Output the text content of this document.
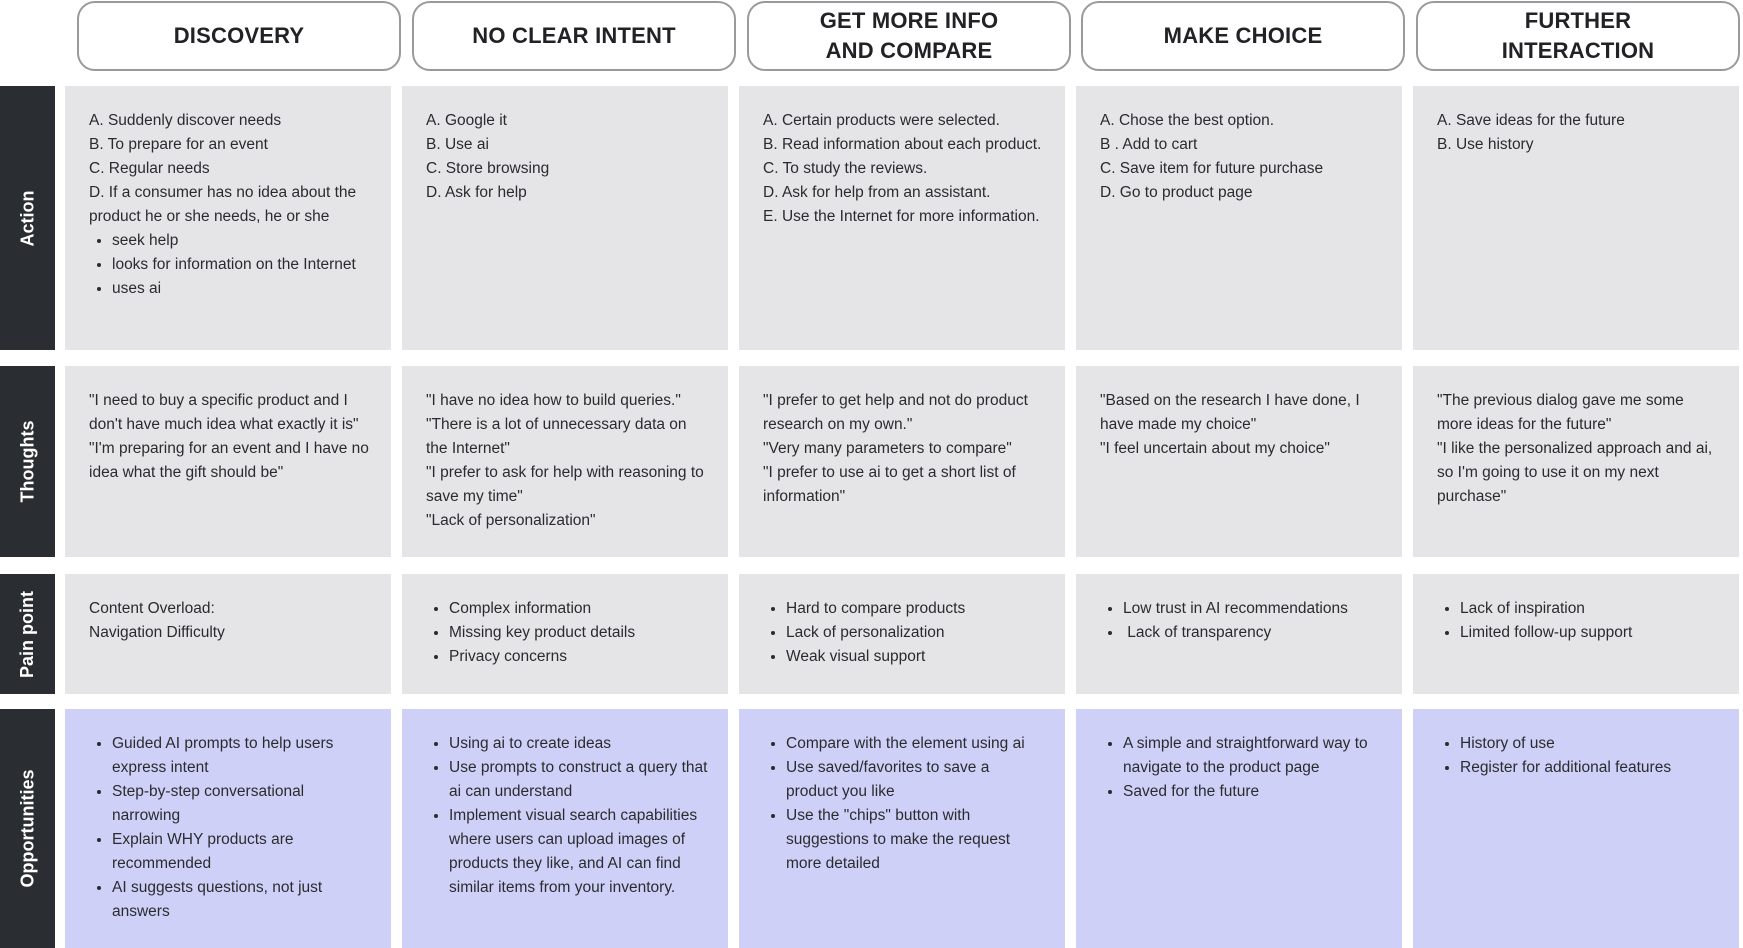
DISCOVERY	NO CLEAR INTENT
GET MORE INFO
AND COMPARE
MAKE CHOICE
FURTHER
INTERACTION
Action
Thoughts
Pain point
Opportunities

A. Suddenly discover needs

B. To prepare for an event

C. Regular needs

D. If a consumer has no idea about the product he or she needs, he or she

• seek help
• looks for information on the Internet
• uses ai

A. Google it

B. Use ai

C. Store browsing

D. Ask for help

A. Certain products were selected.

B. Read information about each product.

C. To study the reviews.

D. Ask for help from an assistant.

E. Use the Internet for more information.

A. Chose the best option.

B . Add to cart

C. Save item for future purchase

D. Go to product page

A. Save ideas for the future

B. Use history

"I need to buy a specific product and I don't have much idea what exactly it is"

"I'm preparing for an event and I have no idea what the gift should be"

"I have no idea how to build queries."

"There is a lot of unnecessary data on the Internet"

"I prefer to ask for help with reasoning to save my time"

"Lack of personalization"

"I prefer to get help and not do product research on my own."

"Very many parameters to compare"

"I prefer to use ai to get a short list of information"

"Based on the research I have done, I have made my choice"

"I feel uncertain about my choice"

"The previous dialog gave me some more ideas for the future"

"I like the personalized approach and ai, so I'm going to use it on my next purchase"

Content Overload:

Navigation Difficulty

• Complex information
• Missing key product details
• Privacy concerns
• Hard to compare products
• Lack of personalization
• Weak visual support
• Low trust in AI recommendations
•  Lack of transparency
• Lack of inspiration
• Limited follow-up support
• Guided AI prompts to help users express intent
• Step-by-step conversational narrowing
• Explain WHY products are recommended
• AI suggests questions, not just answers
• Using ai to create ideas
• Use prompts to construct a query that ai can understand
• Implement visual search capabilities where users can upload images of products they like, and AI can find similar items from your inventory.
• Compare with the element using ai
• Use saved/favorites to save a product you like
• Use the "chips" button with suggestions to make the request more detailed
• A simple and straightforward way to navigate to the product page
• Saved for the future
• History of use
• Register for additional features
